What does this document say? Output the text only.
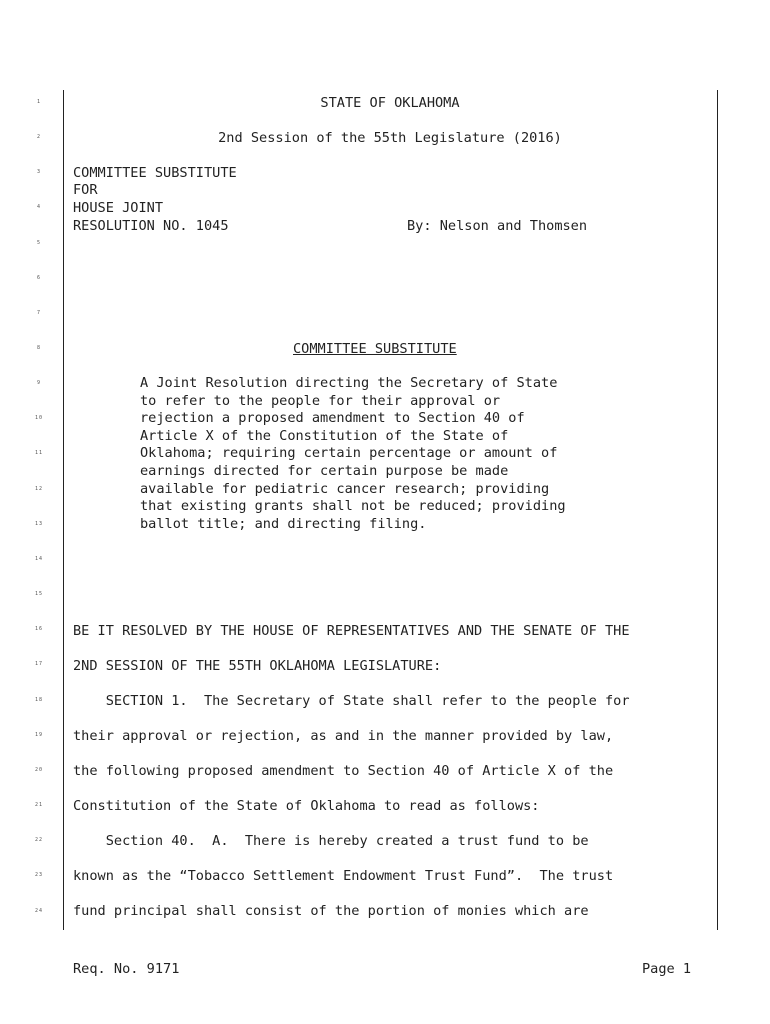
1
2
3
4
5
6
7
8
9
10
11
12
13
14
15
16
17
18
19
20
21
22
23
24
STATE OF OKLAHOMA
2nd Session of the 55th Legislature (2016)
COMMITTEE SUBSTITUTE
FOR
HOUSE JOINT
RESOLUTION NO. 1045	By: Nelson and Thomsen
COMMITTEE SUBSTITUTE
A Joint Resolution directing the Secretary of State
to refer to the people for their approval or
rejection a proposed amendment to Section 40 of
Article X of the Constitution of the State of
Oklahoma; requiring certain percentage or amount of
earnings directed for certain purpose be made
available for pediatric cancer research; providing
that existing grants shall not be reduced; providing
ballot title; and directing filing.
BE IT RESOLVED BY THE HOUSE OF REPRESENTATIVES AND THE SENATE OF THE
2ND SESSION OF THE 55TH OKLAHOMA LEGISLATURE:
SECTION 1.  The Secretary of State shall refer to the people for
their approval or rejection, as and in the manner provided by law,
the following proposed amendment to Section 40 of Article X of the
Constitution of the State of Oklahoma to read as follows:
Section 40.  A.  There is hereby created a trust fund to be
known as the “Tobacco Settlement Endowment Trust Fund”.  The trust
fund principal shall consist of the portion of monies which are
Req. No. 9171	Page 1
